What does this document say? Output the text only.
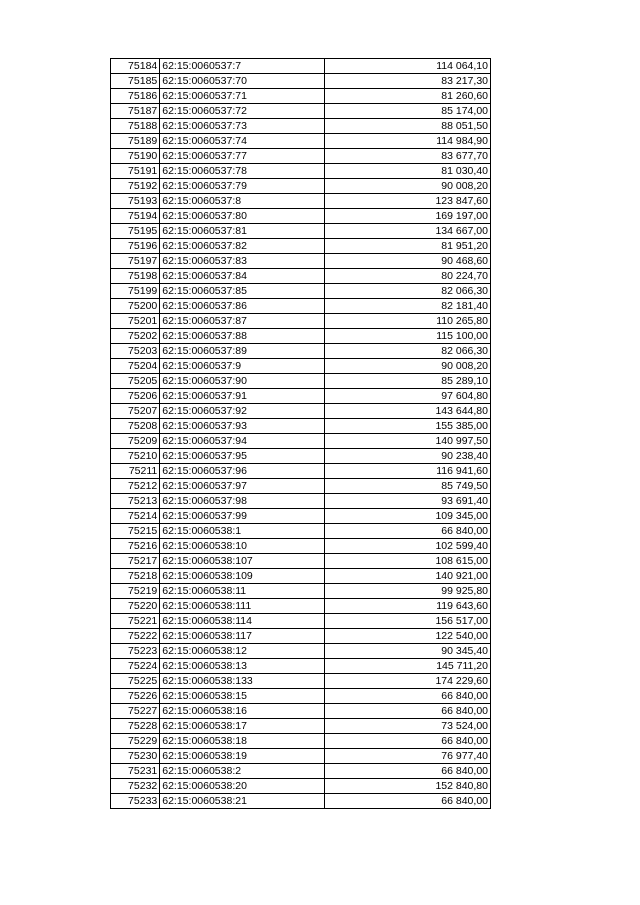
75184	62:15:0060537:7	114 064,10
75185	62:15:0060537:70	83 217,30
75186	62:15:0060537:71	81 260,60
75187	62:15:0060537:72	85 174,00
75188	62:15:0060537:73	88 051,50
75189	62:15:0060537:74	114 984,90
75190	62:15:0060537:77	83 677,70
75191	62:15:0060537:78	81 030,40
75192	62:15:0060537:79	90 008,20
75193	62:15:0060537:8	123 847,60
75194	62:15:0060537:80	169 197,00
75195	62:15:0060537:81	134 667,00
75196	62:15:0060537:82	81 951,20
75197	62:15:0060537:83	90 468,60
75198	62:15:0060537:84	80 224,70
75199	62:15:0060537:85	82 066,30
75200	62:15:0060537:86	82 181,40
75201	62:15:0060537:87	110 265,80
75202	62:15:0060537:88	115 100,00
75203	62:15:0060537:89	82 066,30
75204	62:15:0060537:9	90 008,20
75205	62:15:0060537:90	85 289,10
75206	62:15:0060537:91	97 604,80
75207	62:15:0060537:92	143 644,80
75208	62:15:0060537:93	155 385,00
75209	62:15:0060537:94	140 997,50
75210	62:15:0060537:95	90 238,40
75211	62:15:0060537:96	116 941,60
75212	62:15:0060537:97	85 749,50
75213	62:15:0060537:98	93 691,40
75214	62:15:0060537:99	109 345,00
75215	62:15:0060538:1	66 840,00
75216	62:15:0060538:10	102 599,40
75217	62:15:0060538:107	108 615,00
75218	62:15:0060538:109	140 921,00
75219	62:15:0060538:11	99 925,80
75220	62:15:0060538:111	119 643,60
75221	62:15:0060538:114	156 517,00
75222	62:15:0060538:117	122 540,00
75223	62:15:0060538:12	90 345,40
75224	62:15:0060538:13	145 711,20
75225	62:15:0060538:133	174 229,60
75226	62:15:0060538:15	66 840,00
75227	62:15:0060538:16	66 840,00
75228	62:15:0060538:17	73 524,00
75229	62:15:0060538:18	66 840,00
75230	62:15:0060538:19	76 977,40
75231	62:15:0060538:2	66 840,00
75232	62:15:0060538:20	152 840,80
75233	62:15:0060538:21	66 840,00
